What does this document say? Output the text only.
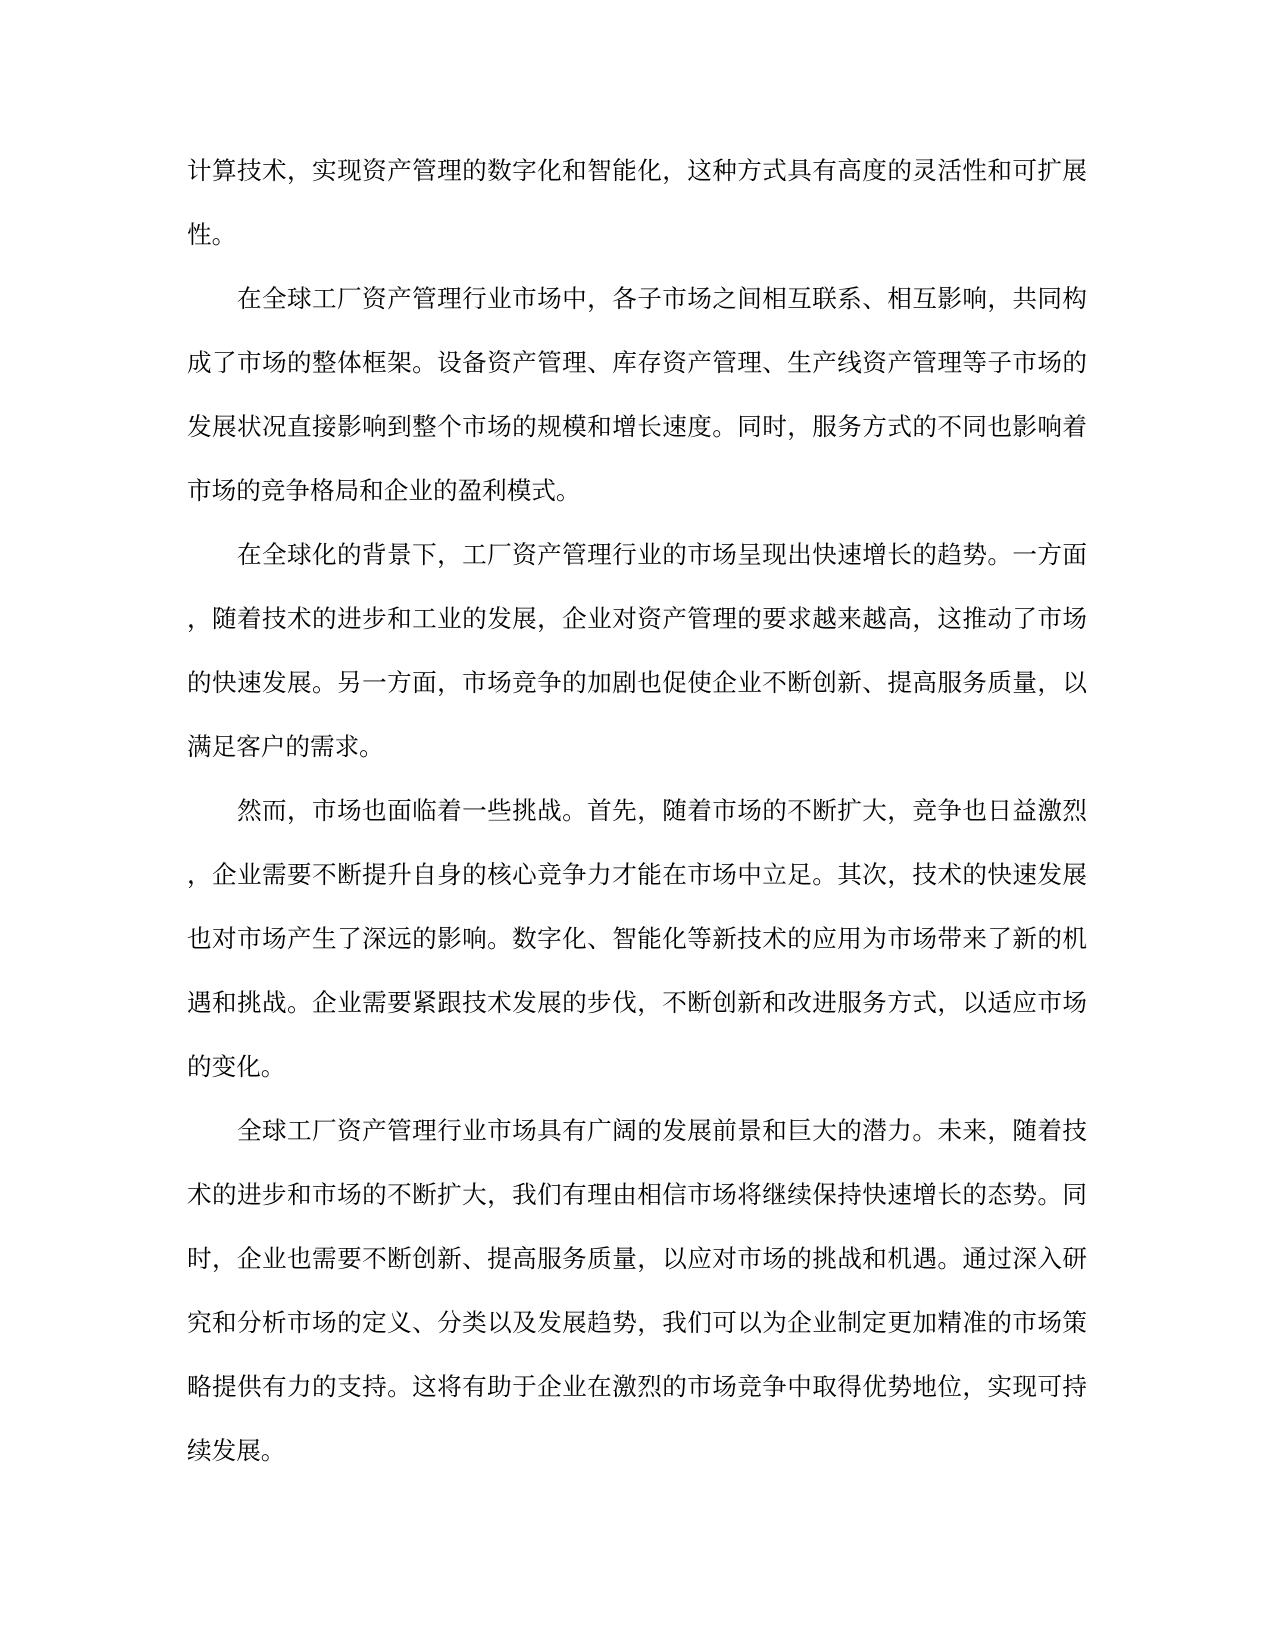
计算技术，实现资产管理的数字化和智能化，这种方式具有高度的灵活性和可扩展
性。
在全球工厂资产管理行业市场中，各子市场之间相互联系、相互影响，共同构
成了市场的整体框架。设备资产管理、库存资产管理、生产线资产管理等子市场的
发展状况直接影响到整个市场的规模和增长速度。同时，服务方式的不同也影响着
市场的竞争格局和企业的盈利模式。
在全球化的背景下，工厂资产管理行业的市场呈现出快速增长的趋势。一方面
，随着技术的进步和工业的发展，企业对资产管理的要求越来越高，这推动了市场
的快速发展。另一方面，市场竞争的加剧也促使企业不断创新、提高服务质量，以
满足客户的需求。
然而，市场也面临着一些挑战。首先，随着市场的不断扩大，竞争也日益激烈
，企业需要不断提升自身的核心竞争力才能在市场中立足。其次，技术的快速发展
也对市场产生了深远的影响。数字化、智能化等新技术的应用为市场带来了新的机
遇和挑战。企业需要紧跟技术发展的步伐，不断创新和改进服务方式，以适应市场
的变化。
全球工厂资产管理行业市场具有广阔的发展前景和巨大的潜力。未来，随着技
术的进步和市场的不断扩大，我们有理由相信市场将继续保持快速增长的态势。同
时，企业也需要不断创新、提高服务质量，以应对市场的挑战和机遇。通过深入研
究和分析市场的定义、分类以及发展趋势，我们可以为企业制定更加精准的市场策
略提供有力的支持。这将有助于企业在激烈的市场竞争中取得优势地位，实现可持
续发展。
